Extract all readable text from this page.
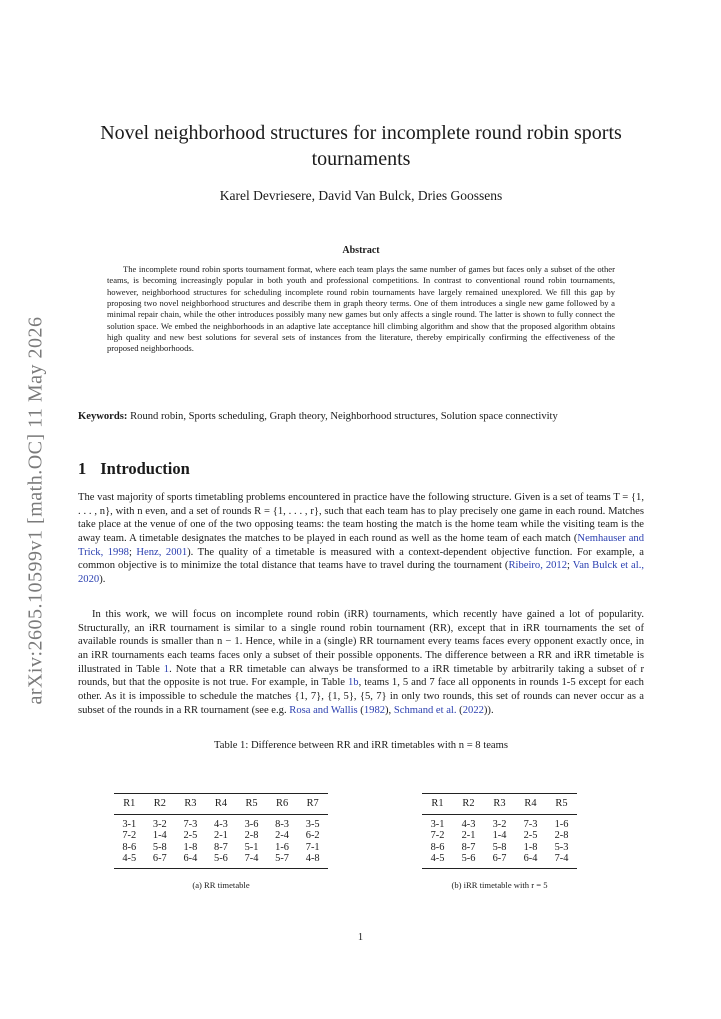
arXiv:2605.10599v1 [math.OC] 11 May 2026
Novel neighborhood structures for incomplete round robin sports tournaments
Karel Devriesere, David Van Bulck, Dries Goossens
Abstract

The incomplete round robin sports tournament format, where each team plays the same number of games but faces only a subset of the other teams, is becoming increasingly popular in both youth and professional competitions. In contrast to conventional round robin tournaments, however, neighborhood structures for scheduling incomplete round robin tournaments have largely remained unexplored. We fill this gap by proposing two novel neighborhood structures and describe them in graph theory terms. One of them introduces a single new game followed by a minimal repair chain, while the other introduces possibly many new games but only affects a single round. The latter is shown to fully connect the solution space. We embed the neighborhoods in an adaptive late acceptance hill climbing algorithm and show that the proposed algorithm obtains high quality and new best solutions for several sets of instances from the literature, thereby empirically confirming the effectiveness of the proposed neighborhoods.

Keywords: Round robin, Sports scheduling, Graph theory, Neighborhood structures, Solution space connectivity

1 Introduction

The vast majority of sports timetabling problems encountered in practice have the following structure. Given is a set of teams T = {1, . . . , n}, with n even, and a set of rounds R = {1, . . . , r}, such that each team has to play precisely one game in each round. Matches take place at the venue of one of the two opposing teams: the team hosting the match is the home team while the visiting team is the away team. A timetable designates the matches to be played in each round as well as the home team of each match (Nemhauser and Trick, 1998; Henz, 2001). The quality of a timetable is measured with a context-dependent objective function. For example, a common objective is to minimize the total distance that teams have to travel during the tournament (Ribeiro, 2012; Van Bulck et al., 2020).

In this work, we will focus on incomplete round robin (iRR) tournaments, which recently have gained a lot of popularity. Structurally, an iRR tournament is similar to a single round robin tournament (RR), except that in iRR tournaments the set of available rounds is smaller than n − 1. Hence, while in a (single) RR tournament every teams faces every opponent exactly once, in an iRR tournaments each teams faces only a subset of their possible opponents. The difference between a RR and iRR timetable is illustrated in Table 1. Note that a RR timetable can always be transformed to a iRR timetable by arbitrarily taking a subset of r rounds, but that the opposite is not true. For example, in Table 1b, teams 1, 5 and 7 face all opponents in rounds 1-5 except for each other. As it is impossible to schedule the matches {1, 7}, {1, 5}, {5, 7} in only two rounds, this set of rounds can never occur as a subset of the rounds in a RR tournament (see e.g. Rosa and Wallis (1982), Schmand et al. (2022)).

Table 1: Difference between RR and iRR timetables with n = 8 teams
R1	R2	R3	R4	R5	R6	R7
3-1	3-2	7-3	4-3	3-6	8-3	3-5
7-2	1-4	2-5	2-1	2-8	2-4	6-2
8-6	5-8	1-8	8-7	5-1	1-6	7-1
4-5	6-7	6-4	5-6	7-4	5-7	4-8
R1	R2	R3	R4	R5
3-1	4-3	3-2	7-3	1-6
7-2	2-1	1-4	2-5	2-8
8-6	8-7	5-8	1-8	5-3
4-5	5-6	6-7	6-4	7-4
(a) RR timetable	(b) iRR timetable with r = 5
1
